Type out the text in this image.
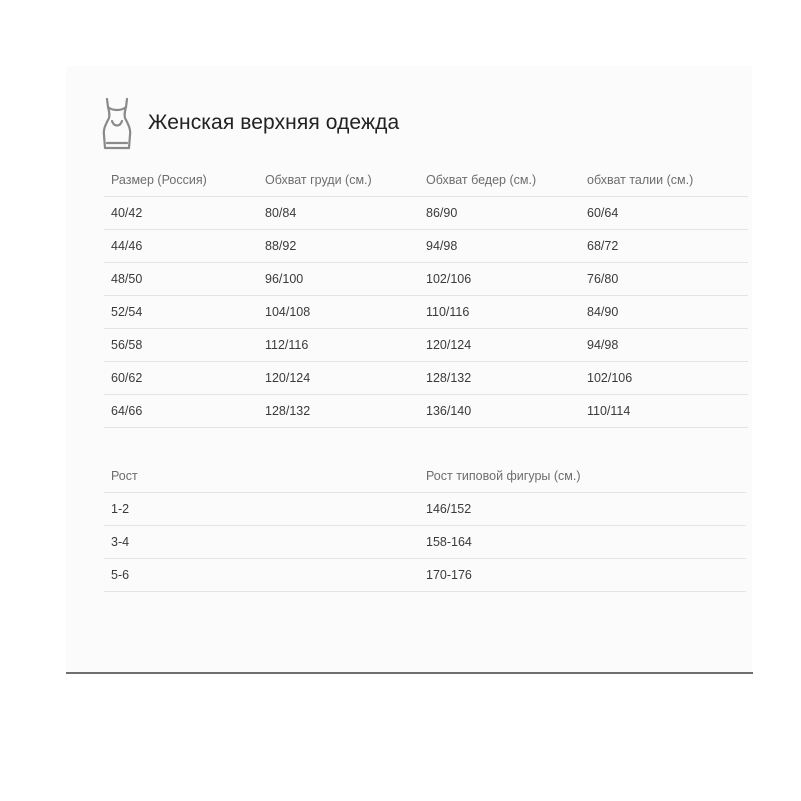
Женская верхняя одежда
Размер (Россия)	Обхват груди (см.)	Обхват бедер (см.)	обхват талии (см.)
40/42	80/84	86/90	60/64
44/46	88/92	94/98	68/72
48/50	96/100	102/106	76/80
52/54	104/108	110/116	84/90
56/58	112/116	120/124	94/98
60/62	120/124	128/132	102/106
64/66	128/132	136/140	110/114
Рост	Рост типовой фигуры (см.)
1-2	146/152
3-4	158-164
5-6	170-176
